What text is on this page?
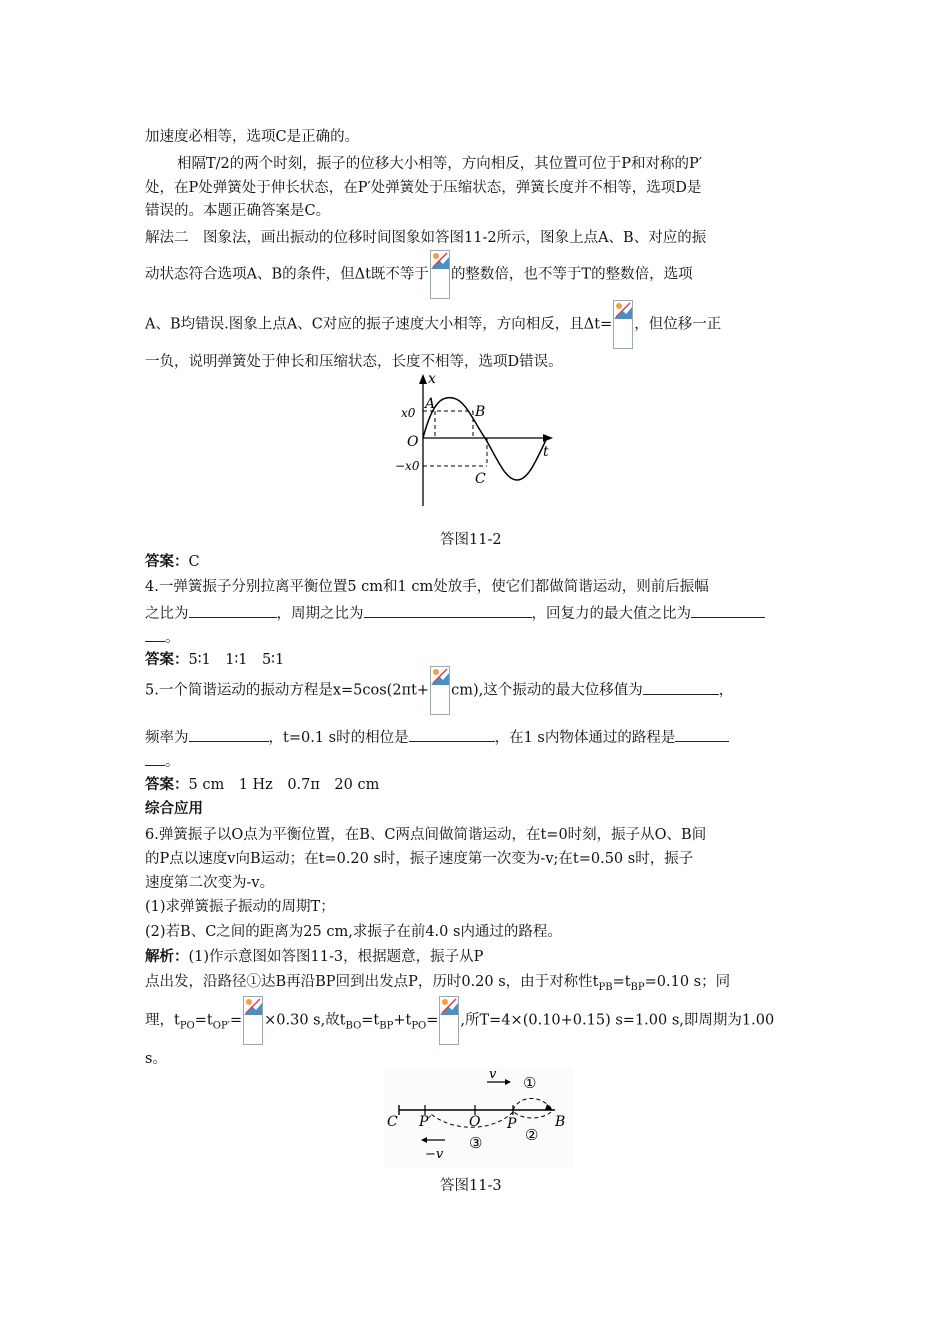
加速度必相等，选项C是正确的。
相隔T/2的两个时刻，振子的位移大小相等，方向相反，其位置可位于P和对称的P′
处，在P处弹簧处于伸长状态，在P′处弹簧处于压缩状态，弹簧长度并不相等，选项D是
错误的。本题正确答案是C。
解法二　图象法，画出振动的位移时间图象如答图11-2所示，图象上点A、B、对应的振
动状态符合选项A、B的条件，但Δt既不等于 的整数倍，也不等于T的整数倍，选项
A、B均错误.图象上点A、C对应的振子速度大小相等，方向相反，且Δt= ，但位移一正
一负，说明弹簧处于伸长和压缩状态，长度不相等，选项D错误。
x
t
O
x0
−x0
A	B
C
答图11-2
答案：C
4.一弹簧振子分别拉离平衡位置5 cm和1 cm处放手，使它们都做简谐运动，则前后振幅
之比为	，周期之比为	，回复力的最大值之比为
。
答案：5∶1　1∶1　5∶1
5.一个简谐运动的振动方程是x=5cos(2πt+ cm),这个振动的最大位移值为	，
频率为	，t=0.1 s时的相位是	，在1 s内物体通过的路程是
。
答案：5 cm　1 Hz　0.7π　20 cm
综合应用
6.弹簧振子以O点为平衡位置，在B、C两点间做简谐运动，在t=0时刻，振子从O、B间
的P点以速度v向B运动；在t=0.20 s时，振子速度第一次变为-v;在t=0.50 s时，振子
速度第二次变为-v。
(1)求弹簧振子振动的周期T；
(2)若B、C之间的距离为25 cm,求振子在前4.0 s内通过的路程。
解析：(1)作示意图如答图11-3，根据题意，振子从P
点出发，沿路径①达B再沿BP回到出发点P，历时0.20 s，由于对称性$t_{PB}=t_{BP}=0.10$ s；同
理，$t_{PO}=t_{OP'}= \times 0.30$ s,故$t_{BO}=t_{BP}+t_{PO}=$ ,所T=4×(0.10+0.15) s=1.00 s,即周期为1.00
s。
C P′	O P	B
v
−v
①
②
③
答图11-3
